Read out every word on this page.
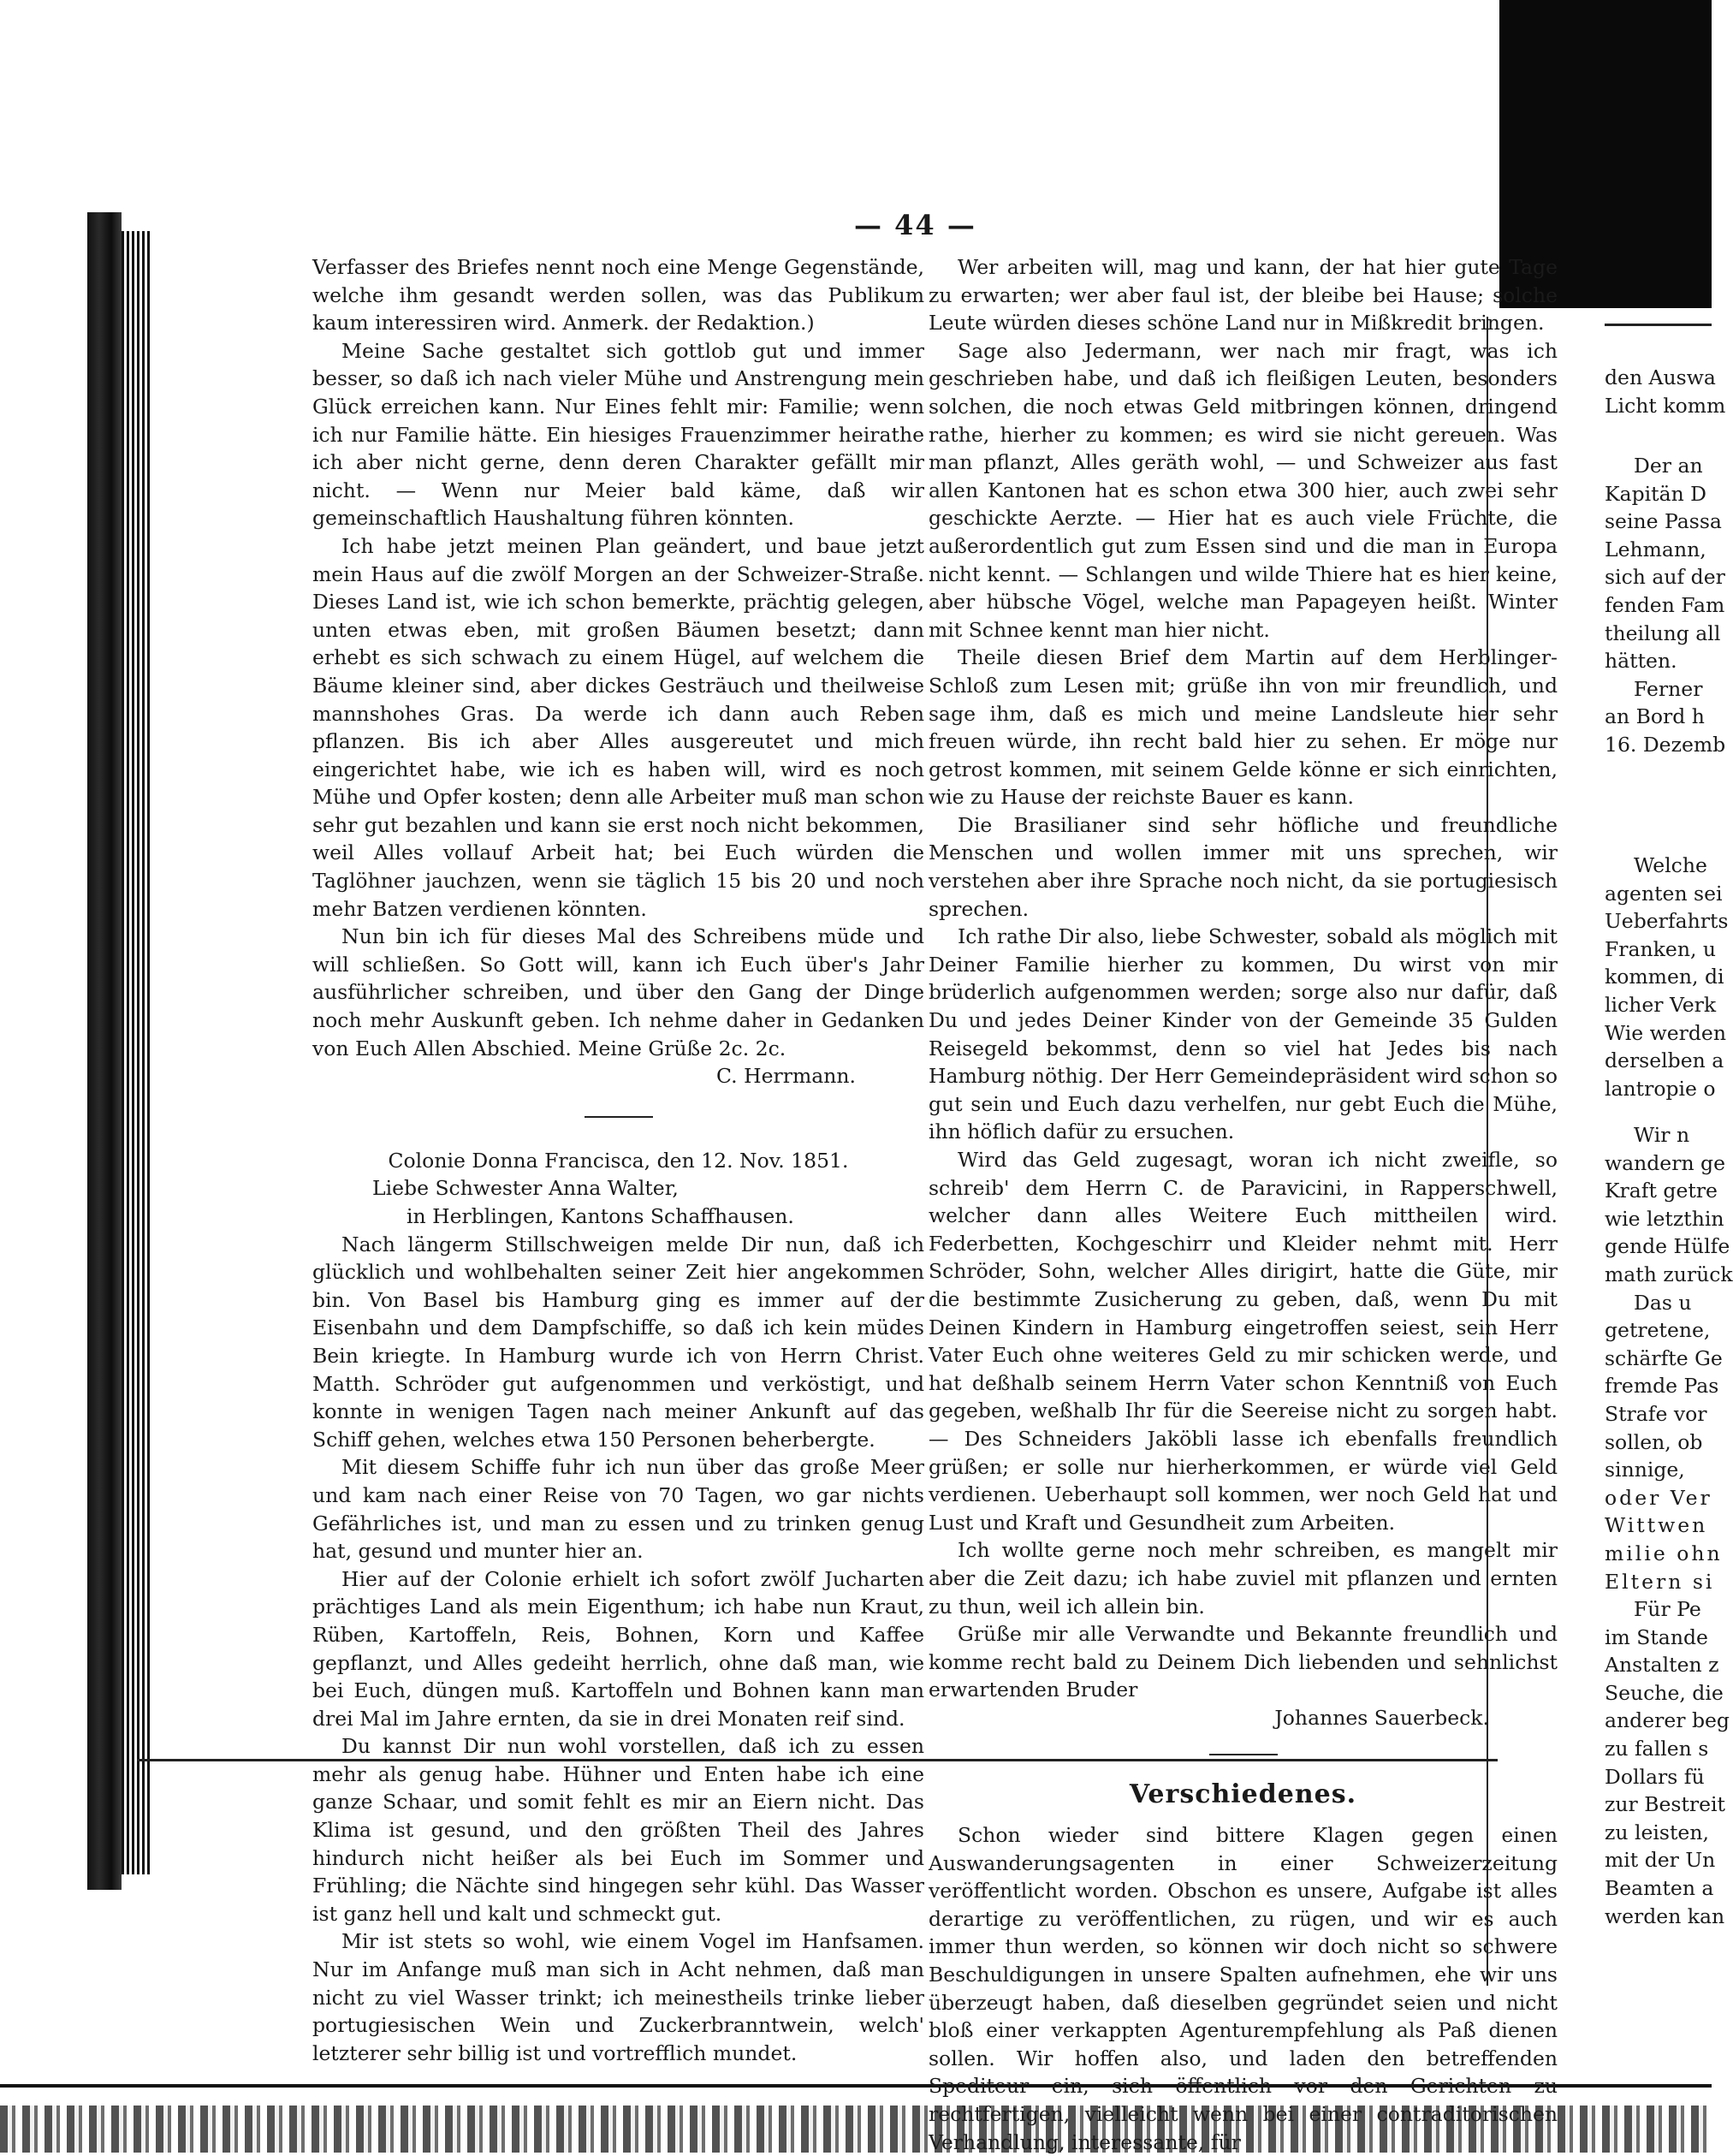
— 44 —

Verfasser des Briefes nennt noch eine Menge Gegenstände, welche ihm gesandt werden sollen, was das Publikum kaum interessiren wird. Anmerk. der Redaktion.)

Meine Sache gestaltet sich gottlob gut und immer besser, so daß ich nach vieler Mühe und Anstrengung mein Glück erreichen kann. Nur Eines fehlt mir: Familie; wenn ich nur Familie hätte. Ein hiesiges Frauenzimmer heirathe ich aber nicht gerne, denn deren Charakter gefällt mir nicht. — Wenn nur Meier bald käme, daß wir gemeinschaftlich Haushaltung führen könnten.

Ich habe jetzt meinen Plan geändert, und baue jetzt mein Haus auf die zwölf Morgen an der Schweizer-Straße. Dieses Land ist, wie ich schon bemerkte, prächtig gelegen, unten etwas eben, mit großen Bäumen besetzt; dann erhebt es sich schwach zu einem Hügel, auf welchem die Bäume kleiner sind, aber dickes Gesträuch und theilweise mannshohes Gras. Da werde ich dann auch Reben pflanzen. Bis ich aber Alles ausgereutet und mich eingerichtet habe, wie ich es haben will, wird es noch Mühe und Opfer kosten; denn alle Arbeiter muß man schon sehr gut bezahlen und kann sie erst noch nicht bekommen, weil Alles vollauf Arbeit hat; bei Euch würden die Taglöhner jauchzen, wenn sie täglich 15 bis 20 und noch mehr Batzen verdienen könnten.

Nun bin ich für dieses Mal des Schreibens müde und will schließen. So Gott will, kann ich Euch über's Jahr ausführlicher schreiben, und über den Gang der Dinge noch mehr Auskunft geben. Ich nehme daher in Gedanken von Euch Allen Abschied. Meine Grüße 2c. 2c.

C. Herrmann.

Colonie Donna Francisca, den 12. Nov. 1851.

Liebe Schwester Anna Walter,

in Herblingen, Kantons Schaffhausen.

Nach längerm Stillschweigen melde Dir nun, daß ich glücklich und wohlbehalten seiner Zeit hier angekommen bin. Von Basel bis Hamburg ging es immer auf der Eisenbahn und dem Dampfschiffe, so daß ich kein müdes Bein kriegte. In Hamburg wurde ich von Herrn Christ. Matth. Schröder gut aufgenommen und verköstigt, und konnte in wenigen Tagen nach meiner Ankunft auf das Schiff gehen, welches etwa 150 Personen beherbergte.

Mit diesem Schiffe fuhr ich nun über das große Meer und kam nach einer Reise von 70 Tagen, wo gar nichts Gefährliches ist, und man zu essen und zu trinken genug hat, gesund und munter hier an.

Hier auf der Colonie erhielt ich sofort zwölf Jucharten prächtiges Land als mein Eigenthum; ich habe nun Kraut, Rüben, Kartoffeln, Reis, Bohnen, Korn und Kaffee gepflanzt, und Alles gedeiht herrlich, ohne daß man, wie bei Euch, düngen muß. Kartoffeln und Bohnen kann man drei Mal im Jahre ernten, da sie in drei Monaten reif sind.

Du kannst Dir nun wohl vorstellen, daß ich zu essen mehr als genug habe. Hühner und Enten habe ich eine ganze Schaar, und somit fehlt es mir an Eiern nicht. Das Klima ist gesund, und den größten Theil des Jahres hindurch nicht heißer als bei Euch im Sommer und Frühling; die Nächte sind hingegen sehr kühl. Das Wasser ist ganz hell und kalt und schmeckt gut.

Mir ist stets so wohl, wie einem Vogel im Hanfsamen. Nur im Anfange muß man sich in Acht nehmen, daß man nicht zu viel Wasser trinkt; ich meinestheils trinke lieber portugiesischen Wein und Zuckerbranntwein, welch' letzterer sehr billig ist und vortrefflich mundet.

Wer arbeiten will, mag und kann, der hat hier gute Tage zu erwarten; wer aber faul ist, der bleibe bei Hause; solche Leute würden dieses schöne Land nur in Mißkredit bringen.

Sage also Jedermann, wer nach mir fragt, was ich geschrieben habe, und daß ich fleißigen Leuten, besonders solchen, die noch etwas Geld mitbringen können, dringend rathe, hierher zu kommen; es wird sie nicht gereuen. Was man pflanzt, Alles geräth wohl, — und Schweizer aus fast allen Kantonen hat es schon etwa 300 hier, auch zwei sehr geschickte Aerzte. — Hier hat es auch viele Früchte, die außerordentlich gut zum Essen sind und die man in Europa nicht kennt. — Schlangen und wilde Thiere hat es hier keine, aber hübsche Vögel, welche man Papageyen heißt. Winter mit Schnee kennt man hier nicht.

Theile diesen Brief dem Martin auf dem Herblinger-Schloß zum Lesen mit; grüße ihn von mir freundlich, und sage ihm, daß es mich und meine Landsleute hier sehr freuen würde, ihn recht bald hier zu sehen. Er möge nur getrost kommen, mit seinem Gelde könne er sich einrichten, wie zu Hause der reichste Bauer es kann.

Die Brasilianer sind sehr höfliche und freundliche Menschen und wollen immer mit uns sprechen, wir verstehen aber ihre Sprache noch nicht, da sie portugiesisch sprechen.

Ich rathe Dir also, liebe Schwester, sobald als möglich mit Deiner Familie hierher zu kommen, Du wirst von mir brüderlich aufgenommen werden; sorge also nur dafür, daß Du und jedes Deiner Kinder von der Gemeinde 35 Gulden Reisegeld bekommst, denn so viel hat Jedes bis nach Hamburg nöthig. Der Herr Gemeindepräsident wird schon so gut sein und Euch dazu verhelfen, nur gebt Euch die Mühe, ihn höflich dafür zu ersuchen.

Wird das Geld zugesagt, woran ich nicht zweifle, so schreib' dem Herrn C. de Paravicini, in Rapperschwell, welcher dann alles Weitere Euch mittheilen wird. Federbetten, Kochgeschirr und Kleider nehmt mit. Herr Schröder, Sohn, welcher Alles dirigirt, hatte die Güte, mir die bestimmte Zusicherung zu geben, daß, wenn Du mit Deinen Kindern in Hamburg eingetroffen seiest, sein Herr Vater Euch ohne weiteres Geld zu mir schicken werde, und hat deßhalb seinem Herrn Vater schon Kenntniß von Euch gegeben, weßhalb Ihr für die Seereise nicht zu sorgen habt. — Des Schneiders Jaköbli lasse ich ebenfalls freundlich grüßen; er solle nur hierherkommen, er würde viel Geld verdienen. Ueberhaupt soll kommen, wer noch Geld hat und Lust und Kraft und Gesundheit zum Arbeiten.

Ich wollte gerne noch mehr schreiben, es mangelt mir aber die Zeit dazu; ich habe zuviel mit pflanzen und ernten zu thun, weil ich allein bin.

Grüße mir alle Verwandte und Bekannte freundlich und komme recht bald zu Deinem Dich liebenden und sehnlichst erwartenden Bruder

Johannes Sauerbeck.

Verschiedenes.

Schon wieder sind bittere Klagen gegen einen Auswanderungsagenten in einer Schweizerzeitung veröffentlicht worden. Obschon es unsere, Aufgabe ist alles derartige zu veröffentlichen, zu rügen, und wir es auch immer thun werden, so können wir doch nicht so schwere Beschuldigungen in unsere Spalten aufnehmen, ehe wir uns überzeugt haben, daß dieselben gegründet seien und nicht bloß einer verkappten Agenturempfehlung als Paß dienen sollen. Wir hoffen also, und laden den betreffenden Spediteur ein, sich öffentlich vor den Gerichten zu rechtfertigen, vielleicht wenn bei einer contraditorischen Verhandlung, interessante, für

den Auswa
Licht komm
Der an
Kapitän D
seine Passa
Lehmann,
sich auf der
fenden Fam
theilung all
hätten.
Ferner
an Bord h
16. Dezemb
Welche
agenten sei
Ueberfahrts
Franken, u
kommen, di
licher Verk
Wie werden
derselben a
lantropie o
Wir n
wandern ge
Kraft getre
wie letzthin
gende Hülfe
math zurück
Das u
getretene,
schärfte Ge
fremde Pas
Strafe vor
sollen, ob
sinnige,
oder Ver
Wittwen
milie ohn
Eltern si
Für Pe
im Stande
Anstalten z
Seuche, die
anderer beg
zu fallen s
Dollars fü
zur Bestreit
zu leisten,
mit der Un
Beamten a
werden kan
